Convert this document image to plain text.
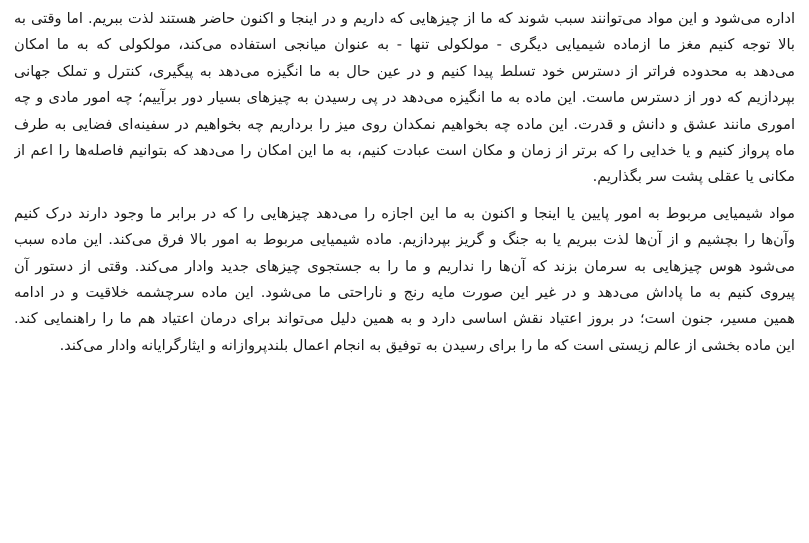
اداره می‌شود و این مواد می‌توانند سبب شوند که ما از چیزهایی که داریم و در اینجا و اکنون حاضر هستند لذت ببریم. اما وقتی به
بالا توجه کنیم مغز ما ازماده شیمیایی دیگری - مولکولی تنها - به عنوان میانجی استفاده می‌کند، مولکولی که به ما امکان
می‌دهد به محدوده فراتر از دسترس خود تسلط پیدا کنیم و در عین حال به ما انگیزه می‌دهد به پیگیری، کنترل و تملک جهانی
بپردازیم که دور از دسترس ماست. این ماده به ما انگیزه می‌دهد در پی رسیدن به چیزهای بسیار دور برآییم؛ چه امور مادی و چه
اموری مانند عشق و دانش و قدرت. این ماده چه بخواهیم نمکدان روی میز را برداریم چه بخواهیم در سفینه‌ای فضایی به طرف
ماه پرواز کنیم و یا خدایی را که برتر از زمان و مکان است عبادت کنیم، به ما این امکان را می‌دهد که بتوانیم فاصله‌ها را اعم از
مکانی یا عقلی پشت سر بگذاریم.
مواد شیمیایی مربوط به امور پایین یا اینجا و اکنون به ما این اجازه را می‌دهد چیزهایی را که در برابر ما وجود دارند درک کنیم
وآن‌ها را بچشیم و از آن‌ها لذت ببریم یا به جنگ و گریز بپردازیم. ماده شیمیایی مربوط به امور بالا فرق می‌کند. این ماده سبب
می‌شود هوس چیزهایی به سرمان بزند که آن‌ها را نداریم و ما را به جستجوی چیزهای جدید وادار می‌کند. وقتی از دستور آن
پیروی کنیم به ما پاداش می‌دهد و در غیر این صورت مایه رنج و ناراحتی ما می‌شود. این ماده سرچشمه خلاقیت و در ادامه
همین مسیر، جنون است؛ در بروز اعتیاد نقش اساسی دارد و به همین دلیل می‌تواند برای درمان اعتیاد هم ما را راهنمایی کند.
این ماده بخشی از عالم زیستی است که ما را برای رسیدن به توفیق به انجام اعمال بلندپروازانه و ایثارگرایانه وادار می‌کند.
